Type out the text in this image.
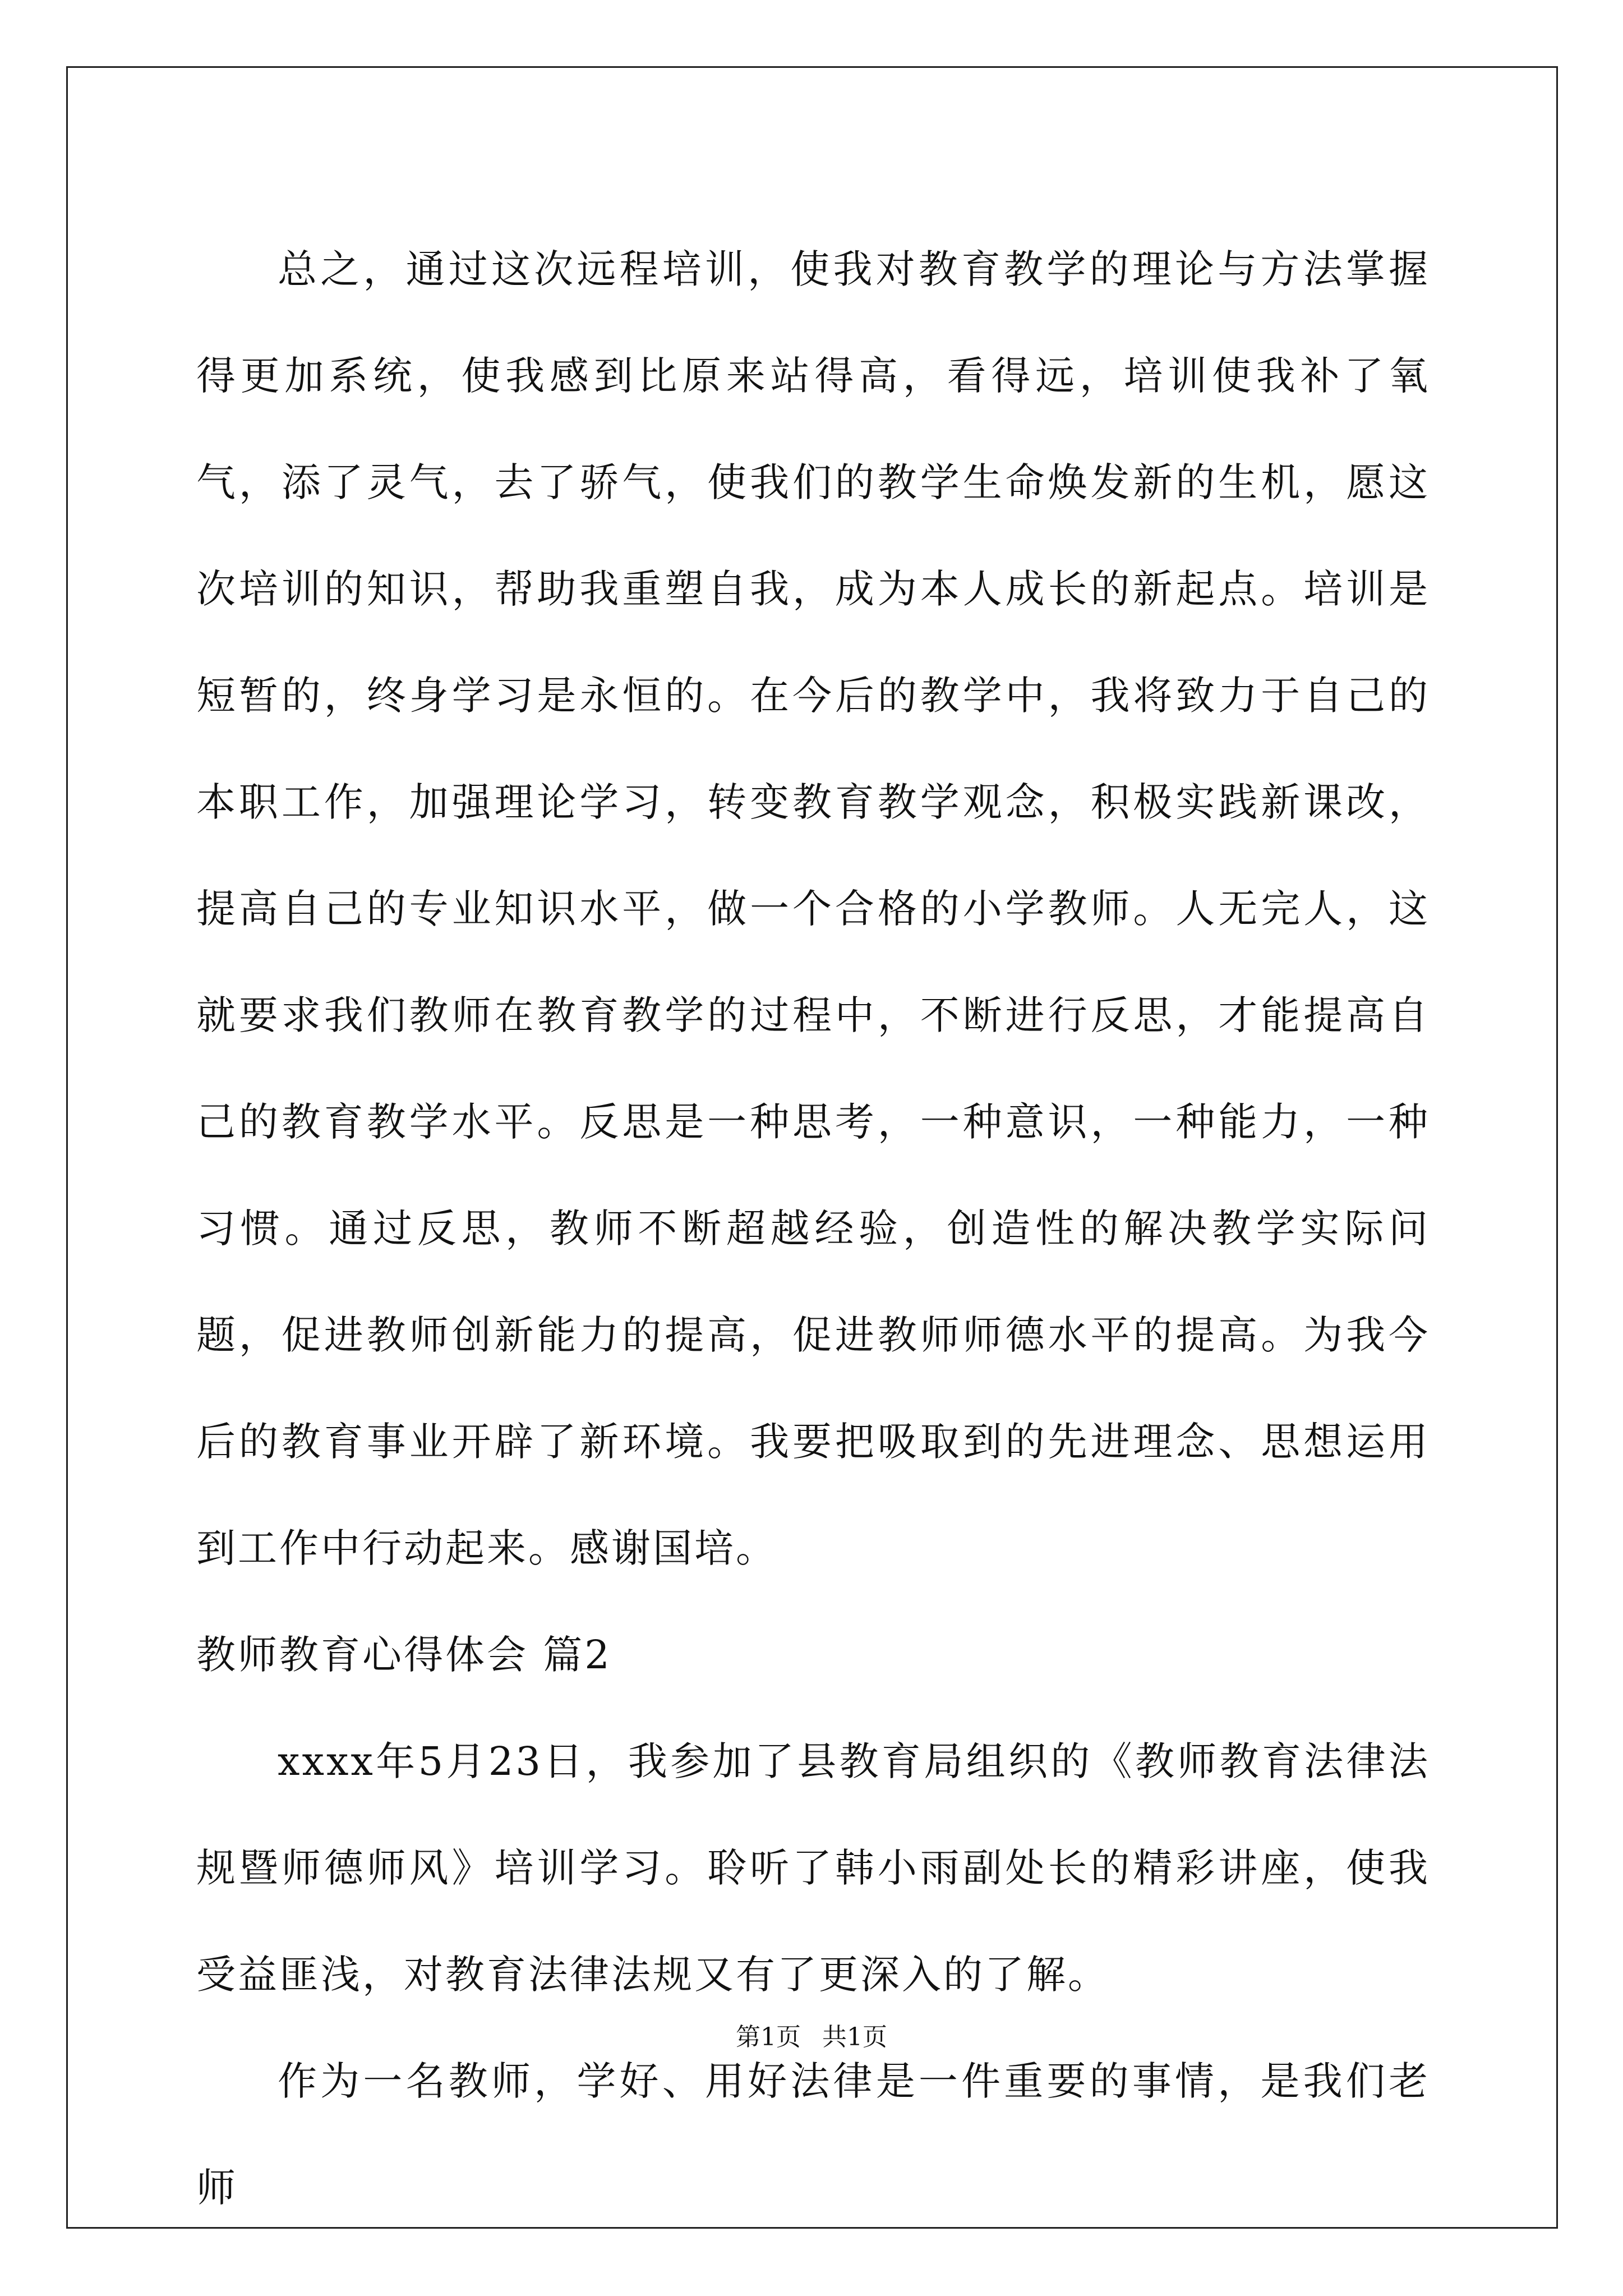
总之，通过这次远程培训，使我对教育教学的理论与方法掌握得更加系统，使我感到比原来站得高，看得远，培训使我补了氧气，添了灵气，去了骄气，使我们的教学生命焕发新的生机，愿这次培训的知识，帮助我重塑自我，成为本人成长的新起点。培训是短暂的，终身学习是永恒的。在今后的教学中，我将致力于自己的本职工作，加强理论学习，转变教育教学观念，积极实践新课改，提高自己的专业知识水平，做一个合格的小学教师。人无完人，这就要求我们教师在教育教学的过程中，不断进行反思，才能提高自己的教育教学水平。反思是一种思考，一种意识，一种能力，一种习惯。通过反思，教师不断超越经验，创造性的解决教学实际问题，促进教师创新能力的提高，促进教师师德水平的提高。为我今后的教育事业开辟了新环境。我要把吸取到的先进理念、思想运用到工作中行动起来。感谢国培。

教师教育心得体会 篇2

xxxx年5月23日，我参加了县教育局组织的《教师教育法律法规暨师德师风》培训学习。聆听了韩小雨副处长的精彩讲座，使我受益匪浅，对教育法律法规又有了更深入的了解。

作为一名教师，学好、用好法律是一件重要的事情，是我们老师

第1页 共1页
